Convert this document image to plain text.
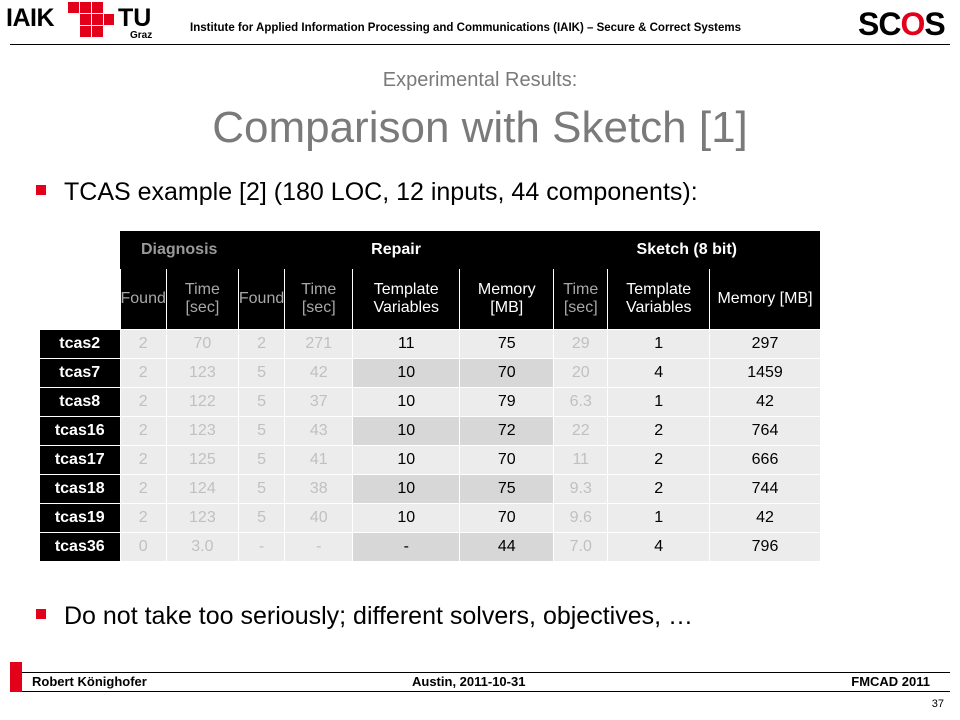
IAIK	TU
Graz
Institute for Applied Information Processing and Communications (IAIK) – Secure & Correct Systems	SCOS
Experimental Results:
Comparison with Sketch [1]
TCAS example [2] (180 LOC, 12 inputs, 44 components):
	Diagnosis		Repair				Sketch (8 bit)		
	Found	Time [sec]	Found	Time [sec]	Template Variables	Memory [MB]	Time [sec]	Template Variables	Memory [MB]
tcas2	2	70	2	271	11	75	29	1	297
tcas7	2	123	5	42	10	70	20	4	1459
tcas8	2	122	5	37	10	79	6.3	1	42
tcas16	2	123	5	43	10	72	22	2	764
tcas17	2	125	5	41	10	70	11	2	666
tcas18	2	124	5	38	10	75	9.3	2	744
tcas19	2	123	5	40	10	70	9.6	1	42
tcas36	0	3.0	-	-	-	44	7.0	4	796
Do not take too seriously; different solvers, objectives, …
Robert Könighofer	Austin, 2011-10-31	FMCAD 2011
37
